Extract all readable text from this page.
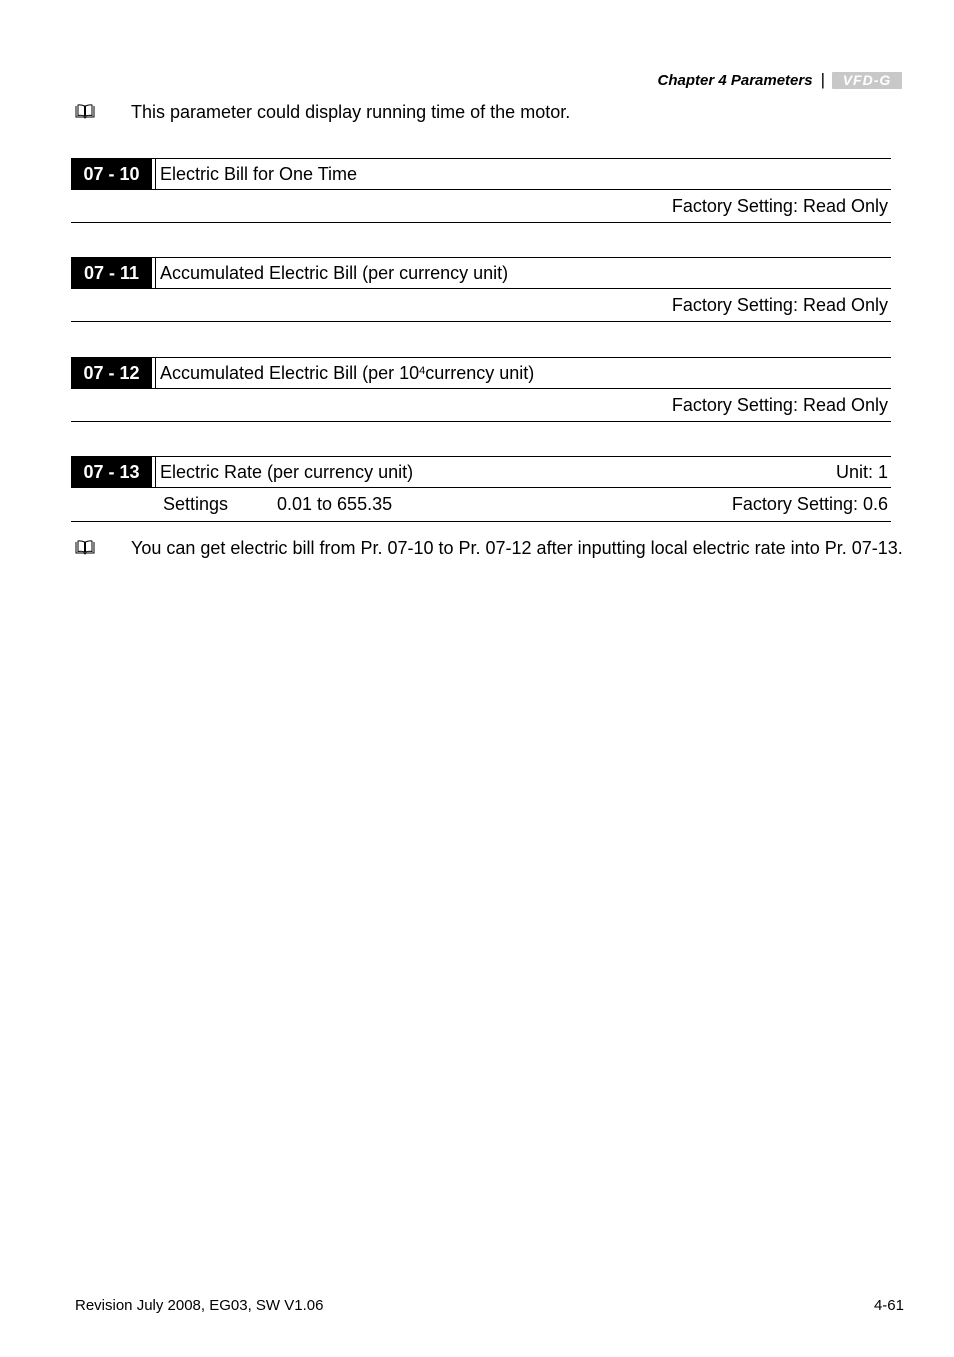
Chapter 4 Parameters | VFD-G
This parameter could display running time of the motor.
07 - 10	Electric Bill for One Time
Factory Setting: Read Only
07 - 11	Accumulated Electric Bill (per currency unit)
Factory Setting: Read Only
07 - 12	Accumulated Electric Bill (per $10^4$ currency unit)
Factory Setting: Read Only
07 - 13	Electric Rate (per currency unit)	Unit: 1
Settings	0.01 to 655.35	Factory Setting: 0.6
You can get electric bill from Pr. 07-10 to Pr. 07-12 after inputting local electric rate into Pr. 07-13.
Revision July 2008, EG03, SW V1.06	4-61
